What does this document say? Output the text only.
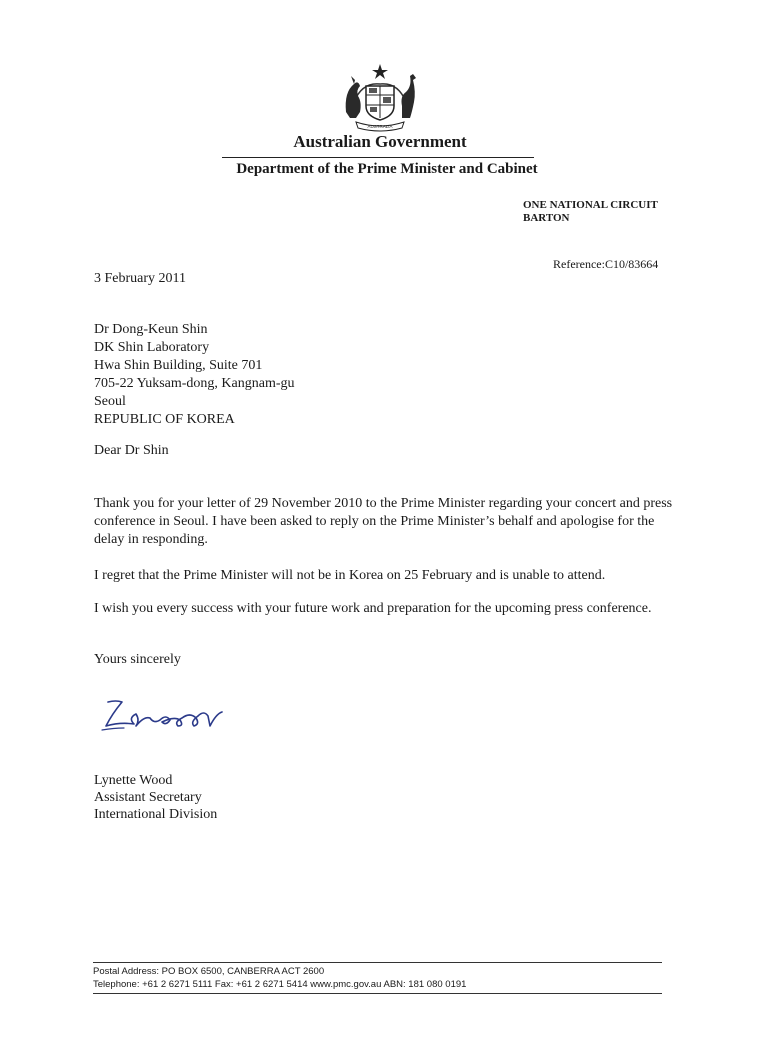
AUSTRALIA
Australian Government
Department of the Prime Minister and Cabinet
ONE NATIONAL CIRCUIT
BARTON
Reference:C10/83664
3 February 2011
Dr Dong-Keun Shin
DK Shin Laboratory
Hwa Shin Building, Suite 701
705-22 Yuksam-dong, Kangnam-gu
Seoul
REPUBLIC OF KOREA
Dear Dr Shin
Thank you for your letter of 29 November 2010 to the Prime Minister regarding your concert and press conference in Seoul. I have been asked to reply on the Prime Minister’s behalf and apologise for the delay in responding.
I regret that the Prime Minister will not be in Korea on 25 February and is unable to attend.
I wish you every success with your future work and preparation for the upcoming press conference.
Yours sincerely
Lynette Wood
Assistant Secretary
International Division
Postal Address: PO BOX 6500, CANBERRA ACT 2600
Telephone: +61 2 6271 5111 Fax: +61 2 6271 5414 www.pmc.gov.au ABN: 181 080 0191
